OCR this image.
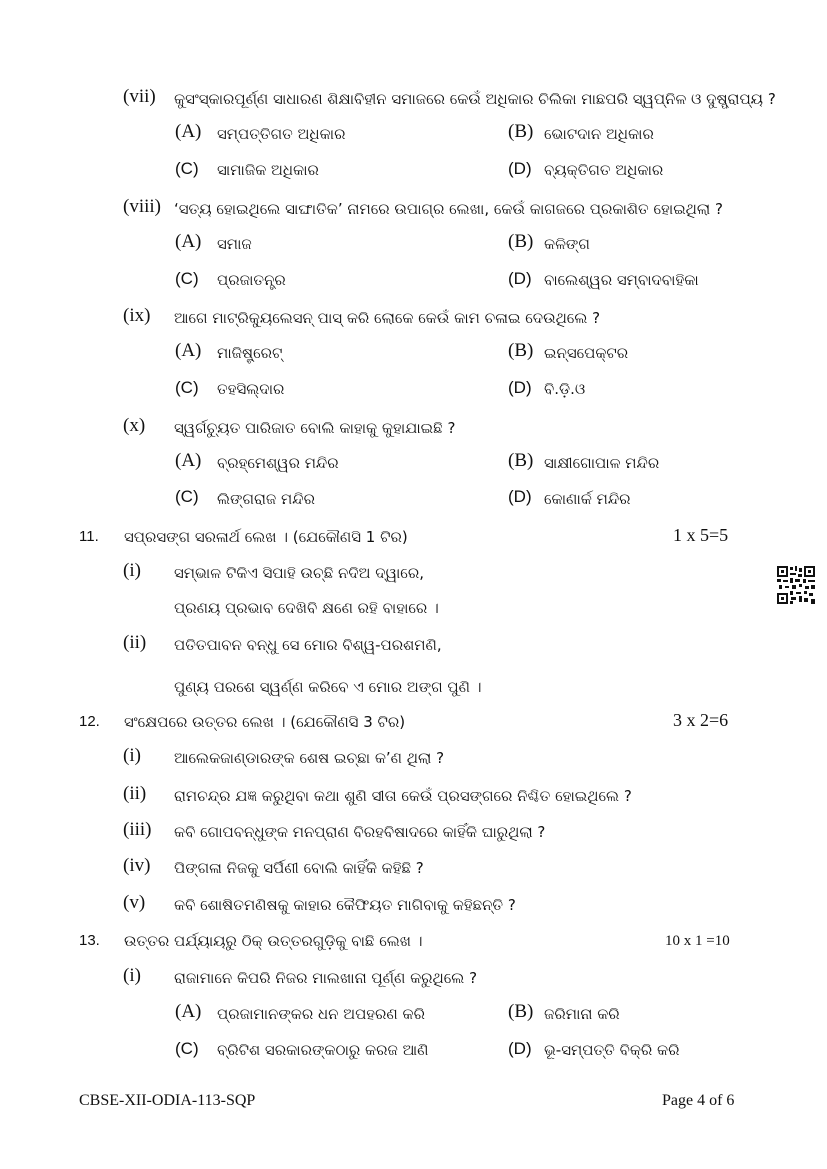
(vii) କୁସଂସ୍କାରପୂର୍ଣ୍ଣ ସାଧାରଣ ଶିକ୍ଷାବିହୀନ ସମାଜରେ କେଉଁ ଅଧିକାର ଚିଲିକା ମାଛପରି ସ୍ୱପ୍ନିଳ ଓ ଦୁଷ୍ପ୍ରାପ୍ୟ ?
(A) ସମ୍ପତ୍ତିଗତ ଅଧିକାର	(B) ଭୋଟଦାନ ଅଧିକାର
(C) ସାମାଜିକ ଅଧିକାର	(D) ବ୍ୟକ୍ତିଗତ ଅଧିକାର
(viii) ‘ସତ୍ୟ ହୋଇଥିଲେ ସାଙ୍ଘାତିକ’ ନାମରେ ଉପାଗ୍ର ଲେଖା, କେଉଁ କାଗଜରେ ପ୍ରକାଶିତ ହୋଇଥିଲା ?
(A) ସମାଜ	(B) କଳିଙ୍ଗ
(C) ପ୍ରଜାତନ୍ତ୍ର	(D) ବାଲେଶ୍ୱର ସମ୍ବାଦବାହିକା
(ix) ଆଗେ ମାଟ୍ରିକ୍ୟୁଲେସନ୍ ପାସ୍ କରି ଲୋକେ କେଉଁ କାମ ଚଳାଇ ଦେଉଥିଲେ ?
(A) ମାଜିଷ୍ଟ୍ରେଟ୍	(B) ଇନ୍ସପେକ୍ଟର
(C) ତହସିଲ୍‌ଦାର	(D) ବି.ଡ଼ି.ଓ
(x) ସ୍ୱର୍ଗଚ୍ୟୁତ ପାରିଜାତ ବୋଲି କାହାକୁ କୁହାଯାଇଛି ?
(A) ବ୍ରହ୍ମେଶ୍ୱର ମନ୍ଦିର	(B) ସାକ୍ଷୀଗୋପାଳ ମନ୍ଦିର
(C) ଲିଙ୍ଗରାଜ ମନ୍ଦିର	(D) କୋଣାର୍କ ମନ୍ଦିର
11. ସପ୍ରସଙ୍ଗ ସରଳାର୍ଥ ଲେଖ । (ଯେକୌଣସି 1 ଟିର)	1 x 5=5
(i) ସମ୍ଭାଳ ଟିକିଏ ସିପାହି ଉଚ୍ଛି ନଦିଅ ଦ୍ୱାରେ,
ପ୍ରଣୟ ପ୍ରଭାବ ଦେଖିବି କ୍ଷଣେ ରହି ବାହାରେ ।
(ii) ପତିତପାବନ ବନ୍ଧୁ ସେ ମୋର ବିଶ୍ୱ-ପରଶମଣି,
ପୁଣ୍ୟ ପରଶେ ସ୍ୱର୍ଣ୍ଣ କରିବେ ଏ ମୋର ଅଙ୍ଗ ପୁଣି ।
12. ସଂକ୍ଷେପରେ ଉତ୍ତର ଲେଖ । (ଯେକୌଣସି 3 ଟିର)	3 x 2=6
(i) ଆଲେକଜାଣ୍ଡାରଙ୍କ ଶେଷ ଇଚ୍ଛା କ’ଣ ଥିଲା ?
(ii) ରାମଚନ୍ଦ୍ର ଯଜ୍ଞ କରୁଥିବା କଥା ଶୁଣି ସୀତା କେଉଁ ପ୍ରସଙ୍ଗରେ ନିଶ୍ଚିତ ହୋଇଥିଲେ ?
(iii) କବି ଗୋପବନ୍ଧୁଙ୍କ ମନପ୍ରାଣ ବିରହବିଷାଦରେ କାହିଁକି ଘାରୁଥିଲା ?
(iv) ପିଙ୍ଗଳା ନିଜକୁ ସର୍ପିଣୀ ବୋଲି କାହିଁକି କହିଛି ?
(v) କବି ଶୋଷିତମଣିଷକୁ କାହାର କୈଫିୟତ ମାଗିବାକୁ କହିଛନ୍ତି ?
13. ଉତ୍ତର ପର୍ଯ୍ୟାୟରୁ ଠିକ୍ ଉତ୍ତରଗୁଡ଼ିକୁ ବାଛି ଲେଖ ।	10 x 1 =10
(i) ରାଜାମାନେ କିପରି ନିଜର ମାଲଖାନା ପୂର୍ଣ୍ଣ କରୁଥିଲେ ?
(A) ପ୍ରଜାମାନଙ୍କର ଧନ ଅପହରଣ କରି	(B) ଜରିମାନା କରି
(C) ବ୍ରିଟିଶ ସରକାରଙ୍କଠାରୁ କରଜ ଆଣି	(D) ଭୂ-ସମ୍ପତ୍ତି ବିକ୍ରି କରି
CBSE-XII-ODIA-113-SQP	Page 4 of 6
